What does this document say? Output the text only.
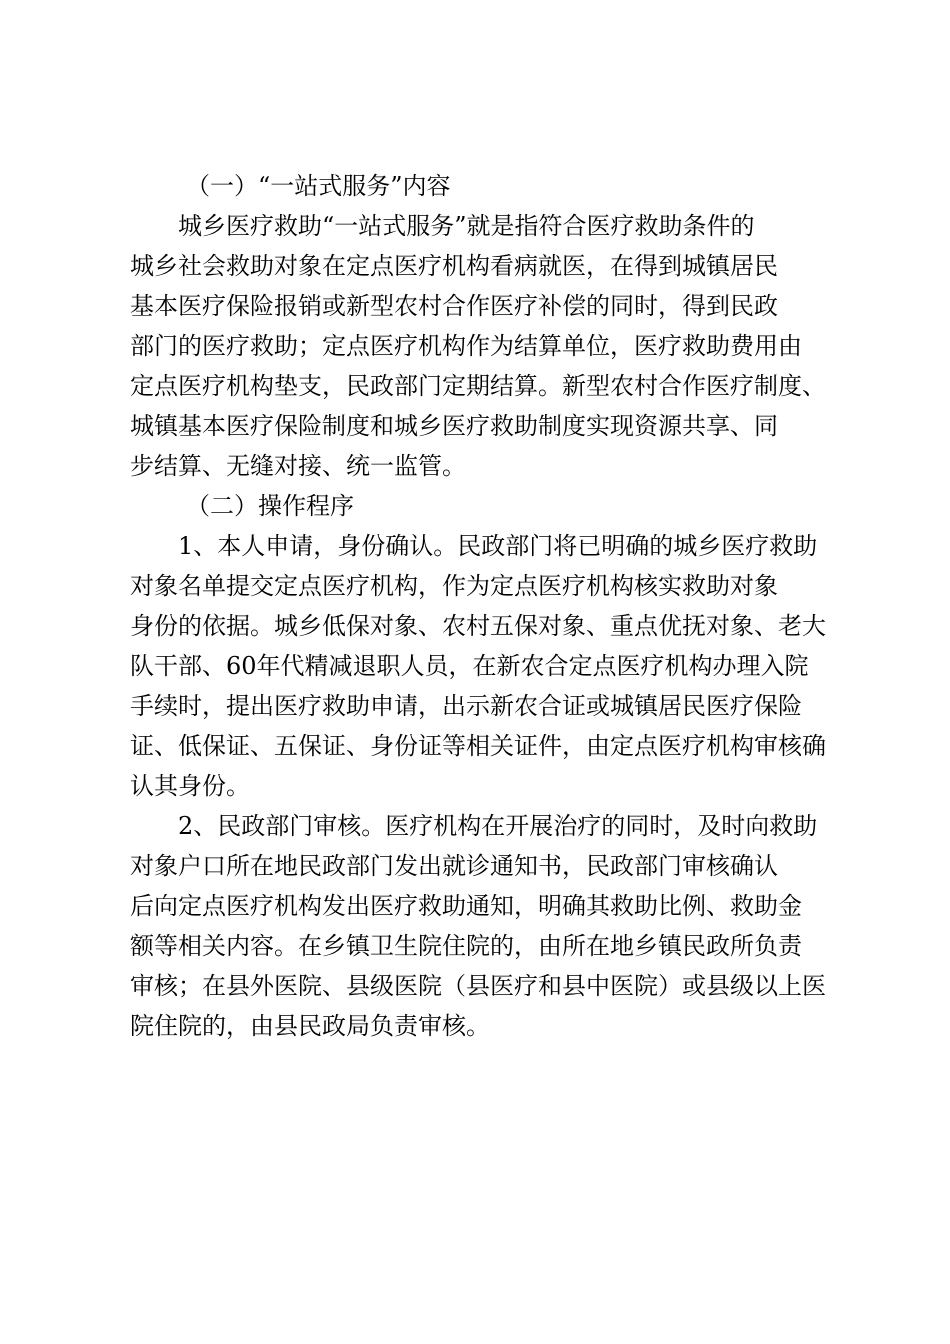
（一）“一站式服务”内容
城乡医疗救助“一站式服务”就是指符合医疗救助条件的
城乡社会救助对象在定点医疗机构看病就医，在得到城镇居民
基本医疗保险报销或新型农村合作医疗补偿的同时，得到民政
部门的医疗救助；定点医疗机构作为结算单位，医疗救助费用由
定点医疗机构垫支，民政部门定期结算。新型农村合作医疗制度、
城镇基本医疗保险制度和城乡医疗救助制度实现资源共享、同
步结算、无缝对接、统一监管。
（二）操作程序
1、本人申请，身份确认。民政部门将已明确的城乡医疗救助
对象名单提交定点医疗机构，作为定点医疗机构核实救助对象
身份的依据。城乡低保对象、农村五保对象、重点优抚对象、老大
队干部、60年代精减退职人员，在新农合定点医疗机构办理入院
手续时，提出医疗救助申请，出示新农合证或城镇居民医疗保险
证、低保证、五保证、身份证等相关证件，由定点医疗机构审核确
认其身份。
2、民政部门审核。医疗机构在开展治疗的同时，及时向救助
对象户口所在地民政部门发出就诊通知书，民政部门审核确认
后向定点医疗机构发出医疗救助通知，明确其救助比例、救助金
额等相关内容。在乡镇卫生院住院的，由所在地乡镇民政所负责
审核；在县外医院、县级医院（县医疗和县中医院）或县级以上医
院住院的，由县民政局负责审核。
